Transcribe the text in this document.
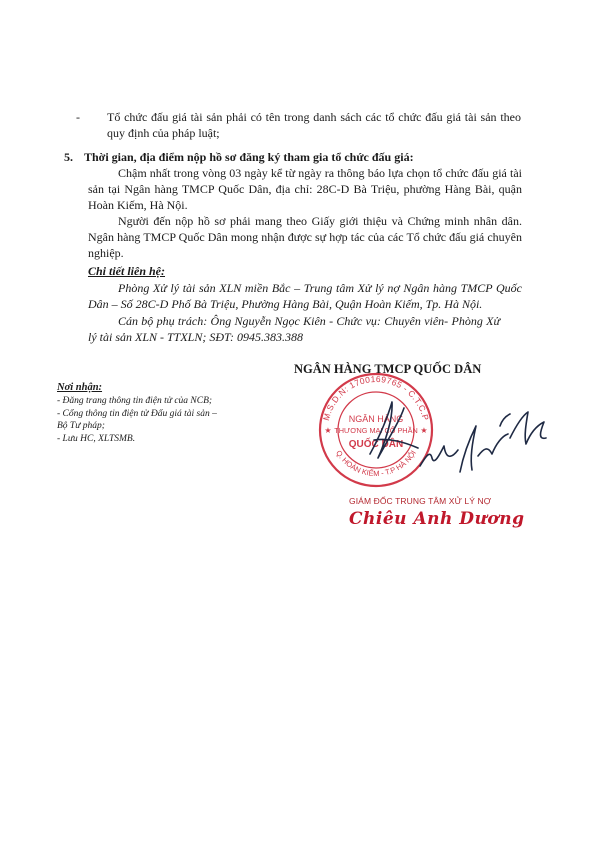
- Tổ chức đấu giá tài sản phải có tên trong danh sách các tổ chức đấu giá tài sản theo quy định của pháp luật;
5. Thời gian, địa điểm nộp hồ sơ đăng ký tham gia tổ chức đấu giá:
Chậm nhất trong vòng 03 ngày kể từ ngày ra thông báo lựa chọn tổ chức đấu giá tài sản tại Ngân hàng TMCP Quốc Dân, địa chỉ: 28C-D Bà Triệu, phường Hàng Bài, quận Hoàn Kiếm, Hà Nội.
Người đến nộp hồ sơ phải mang theo Giấy giới thiệu và Chứng minh nhân dân. Ngân hàng TMCP Quốc Dân mong nhận được sự hợp tác của các Tổ chức đấu giá chuyên nghiệp.
Chi tiết liên hệ:
Phòng Xử lý tài sản XLN miền Bắc – Trung tâm Xử lý nợ Ngân hàng TMCP Quốc Dân – Số 28C-D Phố Bà Triệu, Phường Hàng Bài, Quận Hoàn Kiếm, Tp. Hà Nội.
Cán bộ phụ trách: Ông Nguyễn Ngọc Kiên - Chức vụ: Chuyên viên- Phòng Xử lý tài sản XLN - TTXLN; SĐT: 0945.383.388
Nơi nhận:
- Đăng trang thông tin điện tử của NCB;
- Cổng thông tin điện tử Đấu giá tài sản –
Bộ Tư pháp;
- Lưu HC, XLTSMB.
NGÂN HÀNG TMCP QUỐC DÂN
M.S.D.N: 1700169765 - C.T.C.P
Q. HOÀN KIẾM - T.P HÀ NỘI
NGÂN HÀNG
THƯƠNG MẠI CỔ PHẦN
QUỐC DÂN
★	★
GIÁM ĐỐC TRUNG TÂM XỬ LÝ NỢ
Chiêu Anh Dương
